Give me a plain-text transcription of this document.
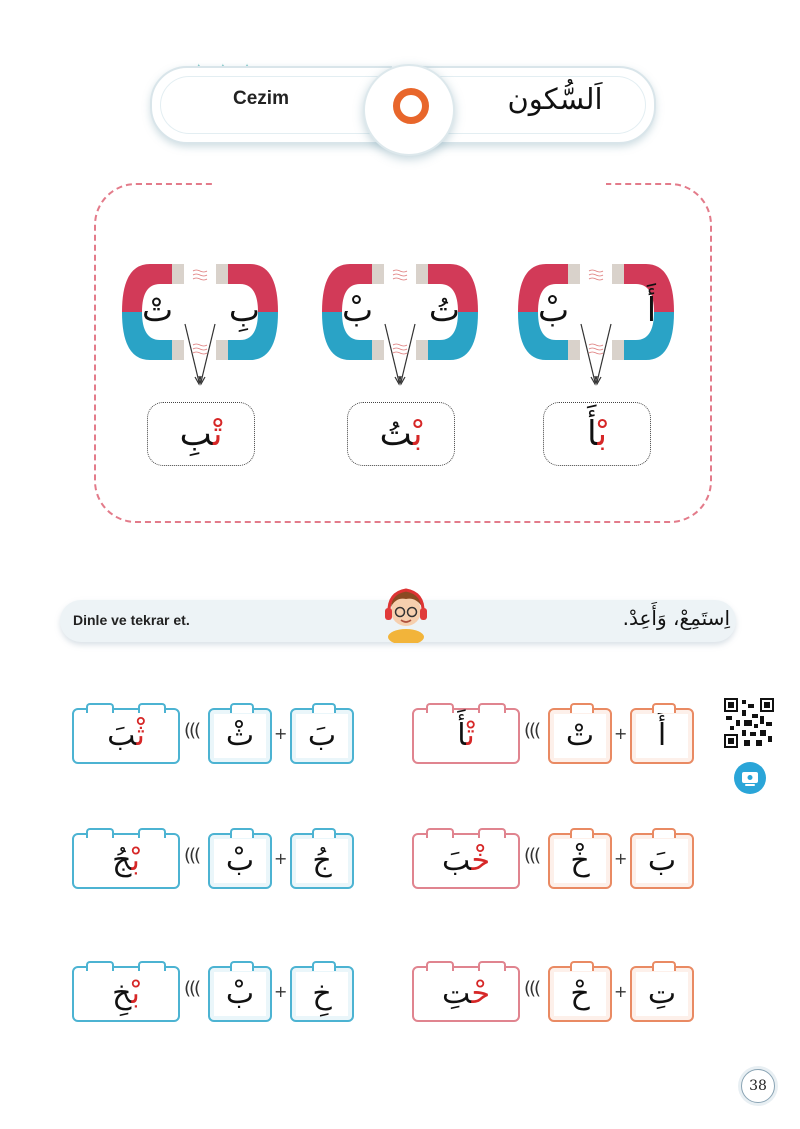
Cezim	اَلسُّكون
بْ أَ
بْأَ
بْ تُ
بْتُ
تْ بِ
تْبِ
Dinle ve tekrar et.	اِستَمِعْ، وَأَعِدْ.
تْأَ	((( تْ	+	أَ
خْبَ	(((	خْ	+ بَ
حْتِ	(((	حْ	+ تِ
ثْبَ	((( ثْ	+ بَ
بْجُ	((( بْ	+ جُ
بْخِ	((( بْ	+ خِ
38
